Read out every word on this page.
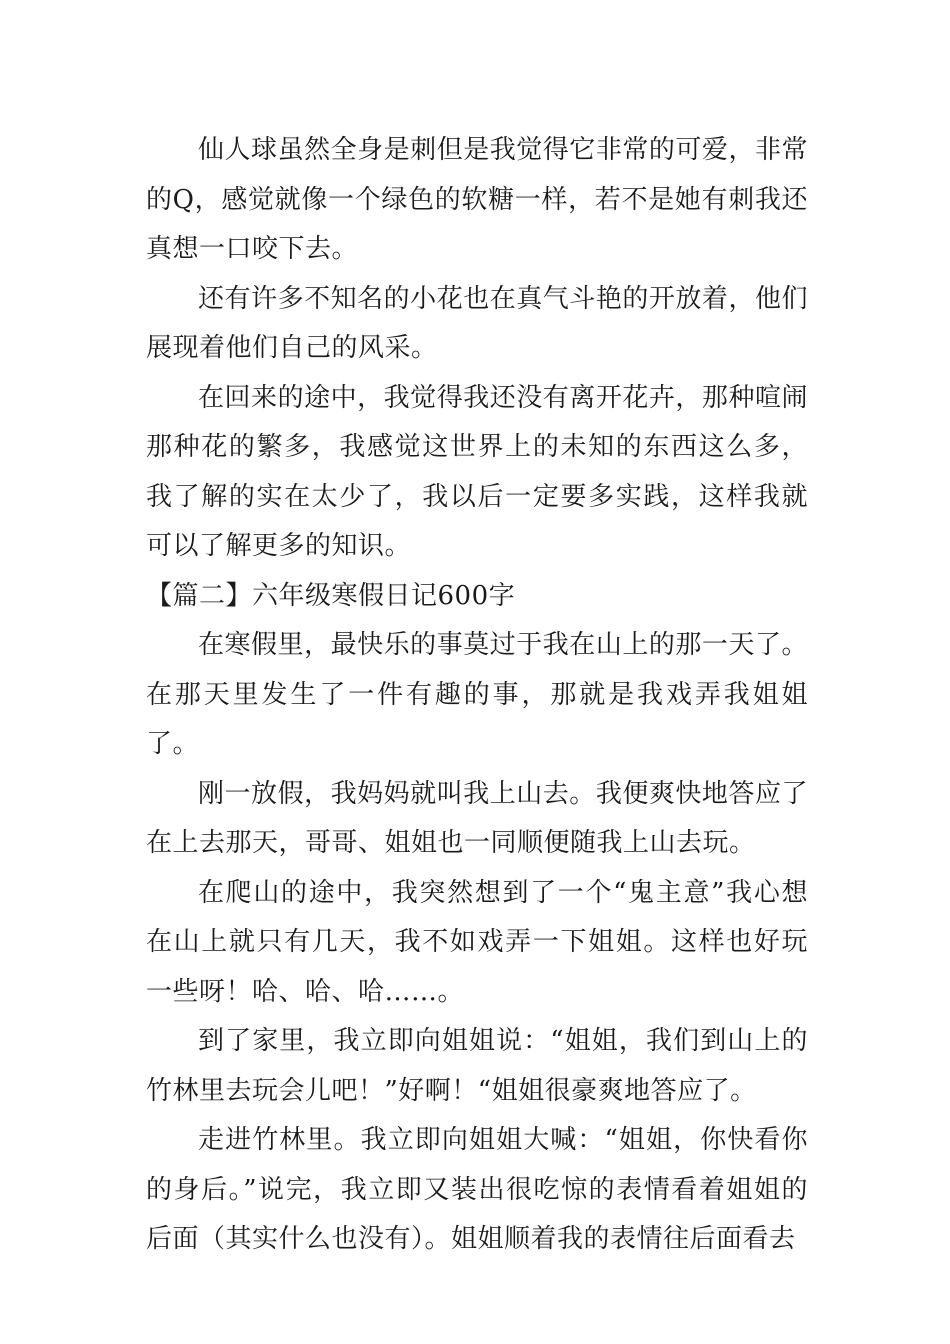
仙人球虽然全身是刺但是我觉得它非常的可爱，非常的Q，感觉就像一个绿色的软糖一样，若不是她有刺我还真想一口咬下去。

还有许多不知名的小花也在真气斗艳的开放着，他们展现着他们自己的风采。

在回来的途中，我觉得我还没有离开花卉，那种喧闹那种花的繁多，我感觉这世界上的未知的东西这么多，我了解的实在太少了，我以后一定要多实践，这样我就可以了解更多的知识。

【篇二】六年级寒假日记600字

在寒假里，最快乐的事莫过于我在山上的那一天了。在那天里发生了一件有趣的事，那就是我戏弄我姐姐了。

刚一放假，我妈妈就叫我上山去。我便爽快地答应了在上去那天，哥哥、姐姐也一同顺便随我上山去玩。

在爬山的途中，我突然想到了一个“鬼主意”我心想在山上就只有几天，我不如戏弄一下姐姐。这样也好玩一些呀！哈、哈、哈……。

到了家里，我立即向姐姐说：“姐姐，我们到山上的竹林里去玩会儿吧！”好啊！“姐姐很豪爽地答应了。

走进竹林里。我立即向姐姐大喊：“姐姐，你快看你的身后。”说完，我立即又装出很吃惊的表情看着姐姐的后面（其实什么也没有）。姐姐顺着我的表情往后面看去
